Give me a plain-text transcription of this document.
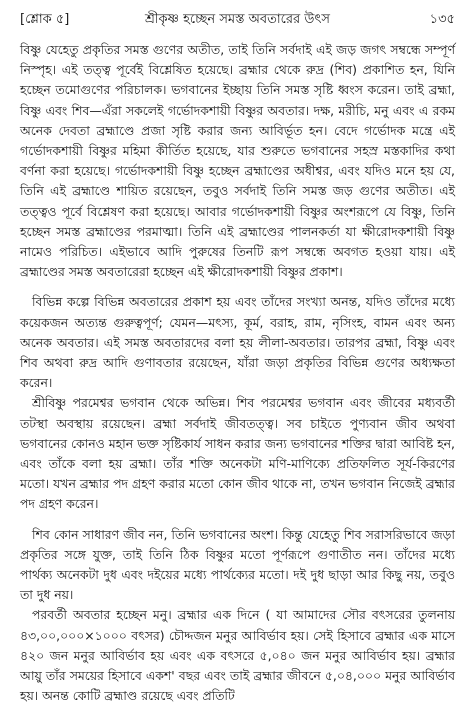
[শ্লোক ৫]	শ্রীকৃষ্ণ হচ্ছেন সমস্ত অবতারের উৎস	১৩৫

বিষ্ণু যেহেতু প্রকৃতির সমস্ত গুণের অতীত, তাই তিনি সর্বদাই এই জড় জগৎ সম্বন্ধে সম্পূর্ণ নিস্পৃহ। এই তত্ত্ব পূর্বেই বিশ্লেষিত হয়েছে। ব্রহ্মার থেকে রুদ্র (শিব) প্রকাশিত হন, যিনি হচ্ছেন তমোগুণের পরিচালক। ভগবানের ইচ্ছায় তিনি সমস্ত সৃষ্টি ধ্বংস করেন। তাই ব্রহ্মা, বিষ্ণু এবং শিব—এঁরা সকলেই গর্ভোদকশায়ী বিষ্ণুর অবতার। দক্ষ, মরীচি, মনু এবং এ রকম অনেক দেবতা ব্রহ্মাণ্ডে প্রজা সৃষ্টি করার জন্য আবির্ভূত হন। বেদে গর্ভোদক মন্ত্রে এই গর্ভোদকশায়ী বিষ্ণুর মহিমা কীর্তিত হয়েছে, যার শুরুতে ভগবানের সহস্র মস্তকাদির কথা বর্ণনা করা হয়েছে। গর্ভোদকশায়ী বিষ্ণু হচ্ছেন ব্রহ্মাণ্ডের অধীশ্বর, এবং যদিও মনে হয় যে, তিনি এই ব্রহ্মাণ্ডে শায়িত রয়েছেন, তবুও সর্বদাই তিনি সমস্ত জড় গুণের অতীত। এই তত্ত্বও পূর্বে বিশ্লেষণ করা হয়েছে। আবার গর্ভোদকশায়ী বিষ্ণুর অংশরূপে যে বিষ্ণু, তিনি হচ্ছেন সমস্ত ব্রহ্মাণ্ডের পরমাত্মা। তিনি এই ব্রহ্মাণ্ডের পালনকর্তা যা ক্ষীরোদকশায়ী বিষ্ণু নামেও পরিচিত। এইভাবে আদি পুরুষের তিনটি রূপ সম্বন্ধে অবগত হওয়া যায়। এই ব্রহ্মাণ্ডের সমস্ত অবতারেরা হচ্ছেন এই ক্ষীরোদকশায়ী বিষ্ণুর প্রকাশ।

বিভিন্ন কল্পে বিভিন্ন অবতারের প্রকাশ হয় এবং তাঁদের সংখ্যা অনন্ত, যদিও তাঁদের মধ্যে কয়েকজন অত্যন্ত গুরুত্বপূর্ণ; যেমন—মৎস্য, কূর্ম, বরাহ, রাম, নৃসিংহ, বামন এবং অন্য অনেক অবতার। এই সমস্ত অবতারদের বলা হয় লীলা-অবতার। তারপর ব্রহ্মা, বিষ্ণু এবং শিব অথবা রুদ্র আদি গুণাবতার রয়েছেন, যাঁরা জড়া প্রকৃতির বিভিন্ন গুণের অধ্যক্ষতা করেন।

শ্রীবিষ্ণু পরমেশ্বর ভগবান থেকে অভিন্ন। শিব পরমেশ্বর ভগবান এবং জীবের মধ্যবর্তী তটস্থা অবস্থায় রয়েছেন। ব্রহ্মা সর্বদাই জীবতত্ত্ব। সব চাইতে পুণ্যবান জীব অথবা ভগবানের কোনও মহান ভক্ত সৃষ্টিকার্য সাধন করার জন্য ভগবানের শক্তির দ্বারা আবিষ্ট হন, এবং তাঁকে বলা হয় ব্রহ্মা। তাঁর শক্তি অনেকটা মণি-মাণিক্যে প্রতিফলিত সূর্য-কিরণের মতো। যখন ব্রহ্মার পদ গ্রহণ করার মতো কোন জীব থাকে না, তখন ভগবান নিজেই ব্রহ্মার পদ গ্রহণ করেন।

শিব কোন সাধারণ জীব নন, তিনি ভগবানের অংশ। কিন্তু যেহেতু শিব সরাসরিভাবে জড়া প্রকৃতির সঙ্গে যুক্ত, তাই তিনি ঠিক বিষ্ণুর মতো পূর্ণরূপে গুণাতীত নন। তাঁদের মধ্যে পার্থক্য অনেকটা দুধ এবং দইয়ের মধ্যে পার্থক্যের মতো। দই দুধ ছাড়া আর কিছু নয়, তবুও তা দুধ নয়।

পরবর্তী অবতার হচ্ছেন মনু। ব্রহ্মার এক দিনে ( যা আমাদের সৌর বৎসরের তুলনায় ৪৩,০০,০০০×১০০০ বৎসর) চৌদ্দজন মনুর আবির্ভাব হয়। সেই হিসাবে ব্রহ্মার এক মাসে ৪২০ জন মনুর আবির্ভাব হয় এবং এক বৎসরে ৫,০৪০ জন মনুর আবির্ভাব হয়। ব্রহ্মার আয়ু তাঁর সময়ের হিসাবে একশ' বছর এবং তাই ব্রহ্মার জীবনে ৫,০৪,০০০ মনুর আবির্ভাব হয়। অনন্ত কোটি ব্রহ্মাণ্ড রয়েছে এবং প্রতিটি
